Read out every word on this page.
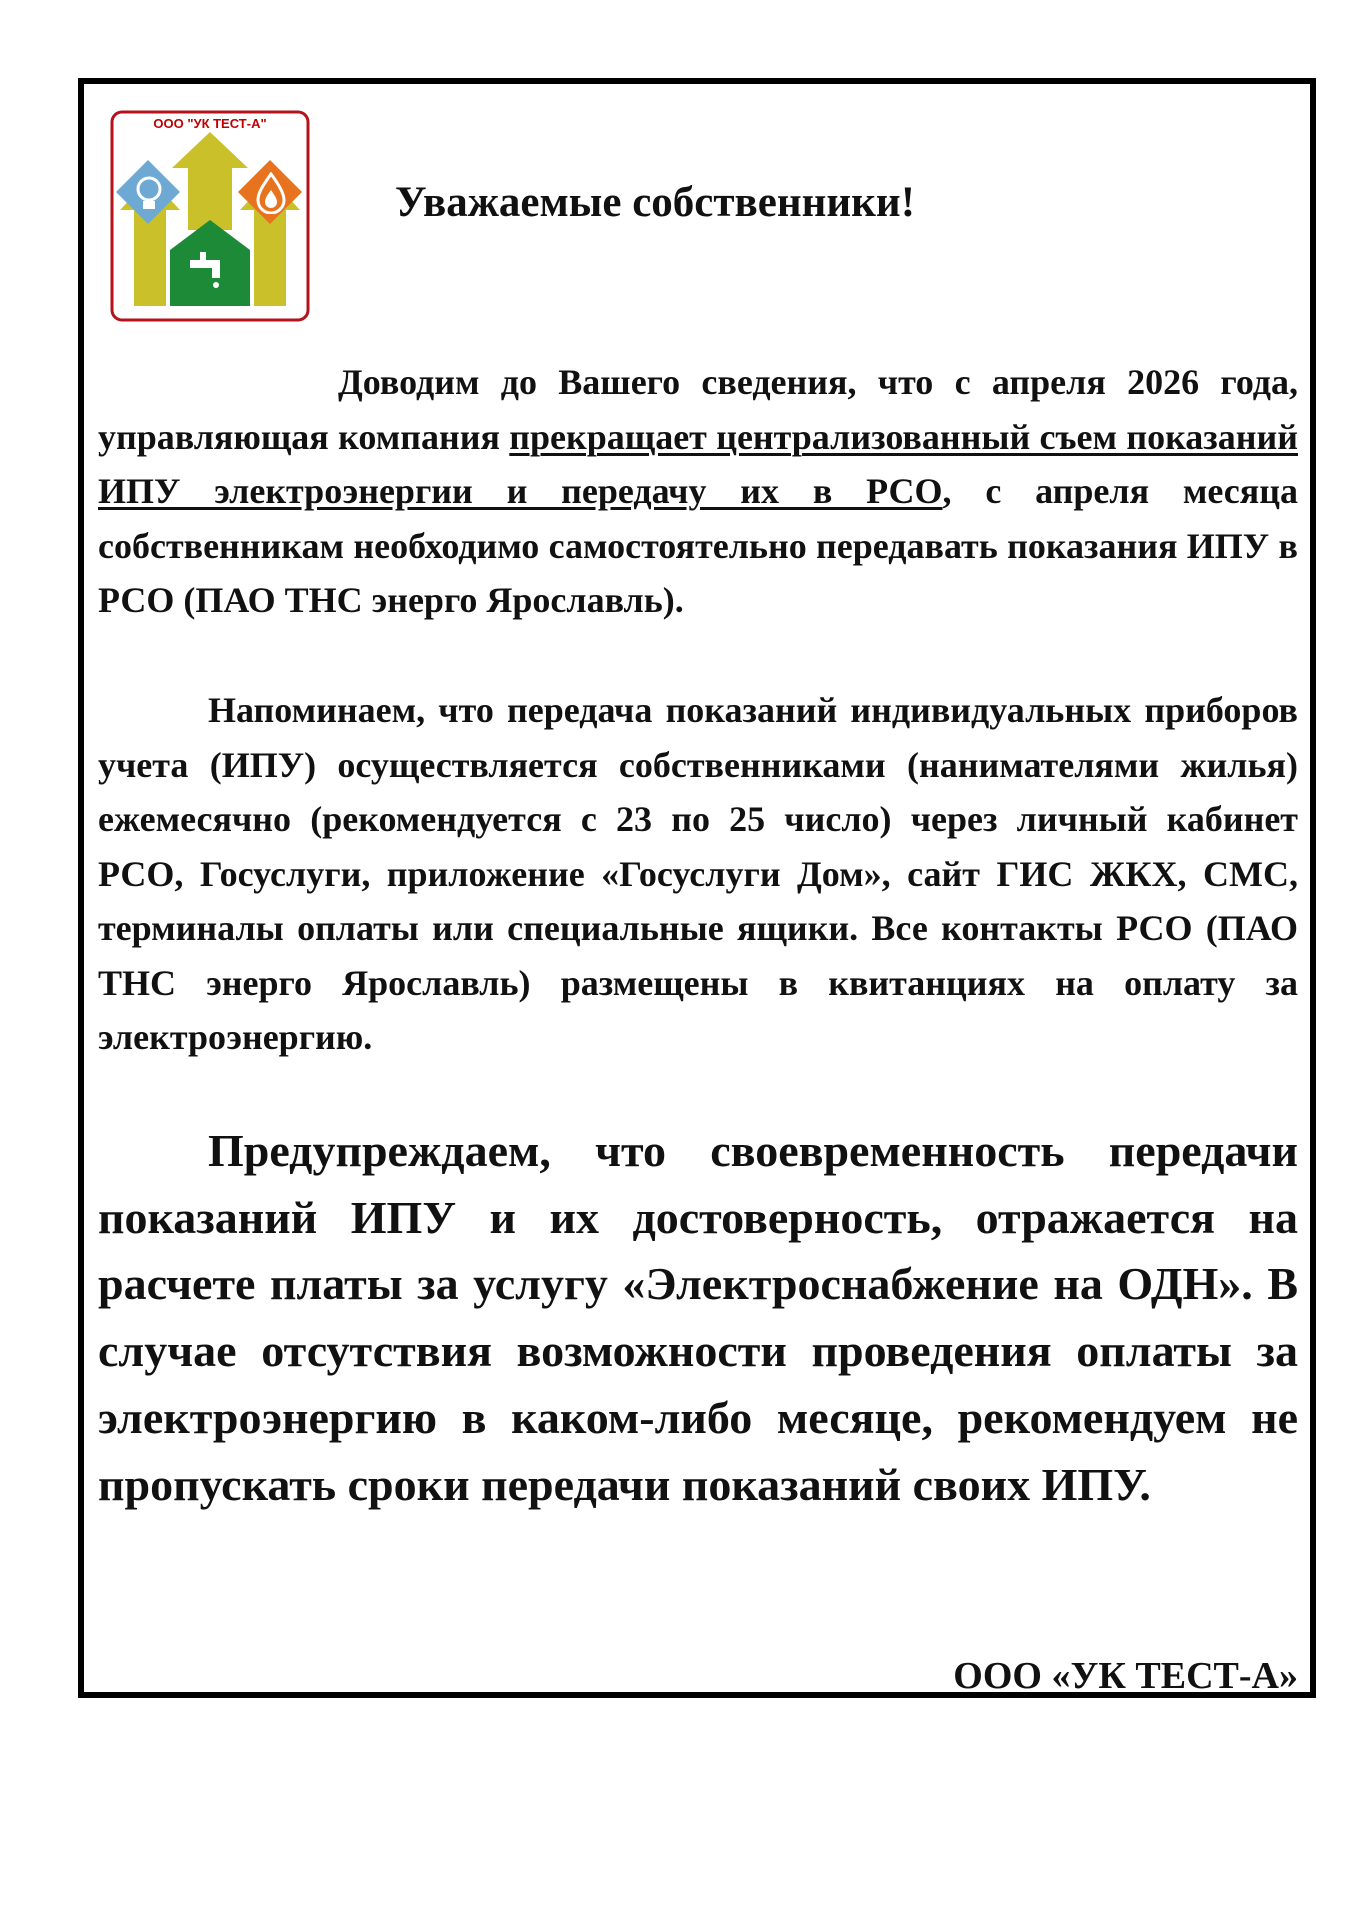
ООО "УК ТЕСТ-А"
Уважаемые собственники!

Доводим до Вашего сведения, что с апреля 2026 года, управляющая компания прекращает централизованный съем показаний ИПУ электроэнергии и передачу их в РСО, с апреля месяца собственникам необходимо самостоятельно передавать показания ИПУ в РСО (ПАО ТНС энерго Ярославль).

Напоминаем, что передача показаний индивидуальных приборов учета (ИПУ) осуществляется собственниками (нанимателями жилья) ежемесячно (рекомендуется с 23 по 25 число) через личный кабинет РСО, Госуслуги, приложение «Госуслуги Дом», сайт ГИС ЖКХ, СМС, терминалы оплаты или специальные ящики. Все контакты РСО (ПАО ТНС энерго Ярославль) размещены в квитанциях на оплату за электроэнергию.

Предупреждаем, что своевременность передачи показаний ИПУ и их достоверность, отражается на расчете платы за услугу «Электроснабжение на ОДН». В случае отсутствия возможности проведения оплаты за электроэнергию в каком-либо месяце, рекомендуем не пропускать сроки передачи показаний своих ИПУ.

ООО «УК ТЕСТ-А»
